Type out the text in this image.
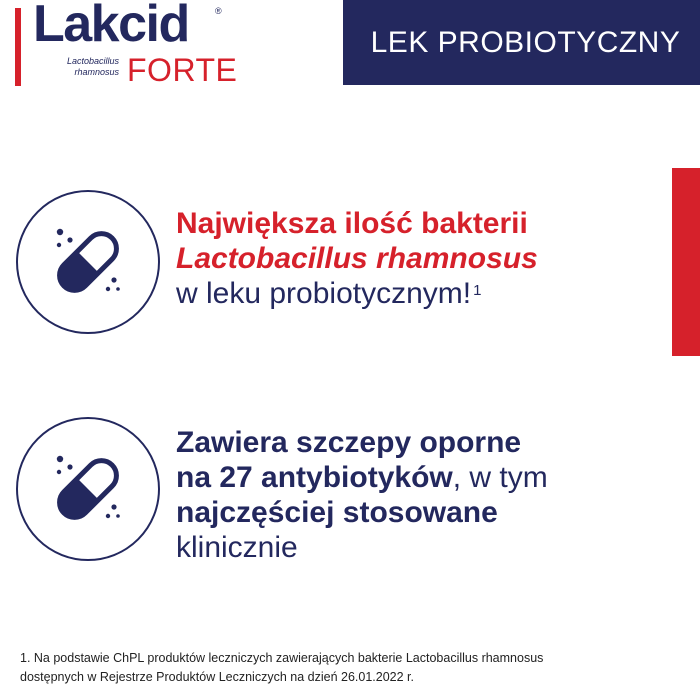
Lakcid	®
Lactobacillus
rhamnosus FORTE
LEK PROBIOTYCZNY
Największa ilość bakterii
Lactobacillus rhamnosus
w leku probiotycznym! $^1$
Zawiera szczepy oporne
na 27 antybiotyków, w tym
najczęściej stosowane
klinicznie
1. Na podstawie ChPL produktów leczniczych zawierających bakterie Lactobacillus rhamnosus
dostępnych w Rejestrze Produktów Leczniczych na dzień 26.01.2022 r.
